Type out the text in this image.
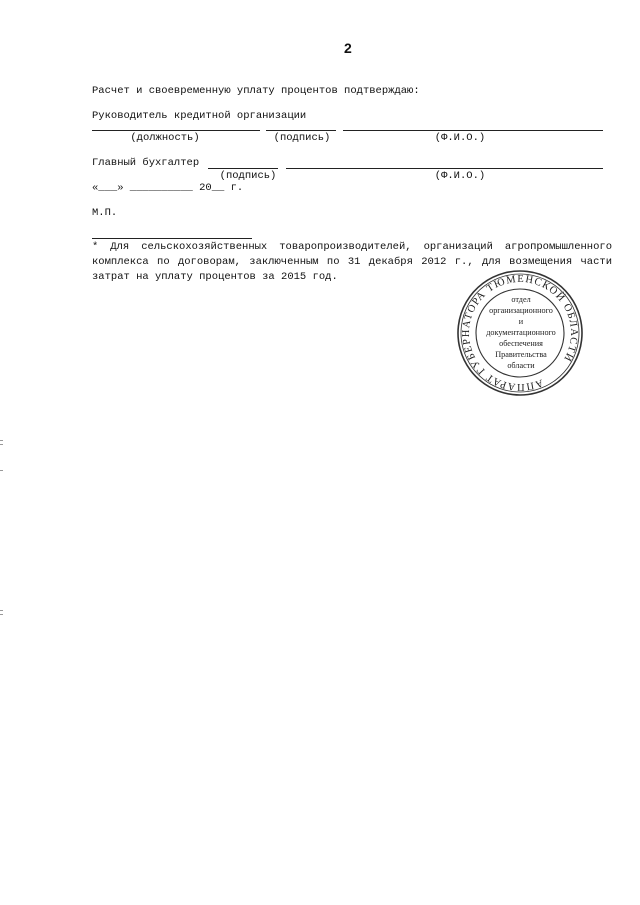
2
Расчет и своевременную уплату процентов подтверждаю:
Руководитель кредитной организации
(должность)	(подпись)	(Ф.И.О.)
Главный бухгалтер
(подпись)	(Ф.И.О.)
«___» __________ 20__ г.
М.П.
* Для сельскохозяйственных товаропроизводителей, организаций агропромышленного комплекса по договорам, заключенным по 31 декабря 2012 г., для возмещения части затрат на уплату процентов за 2015 год.
АППАРАТ ГУБЕРНАТОРА ТЮМЕНСКОЙ ОБЛАСТИ
отдел
организационного
и
документационного
обеспечения
Правительства
области
